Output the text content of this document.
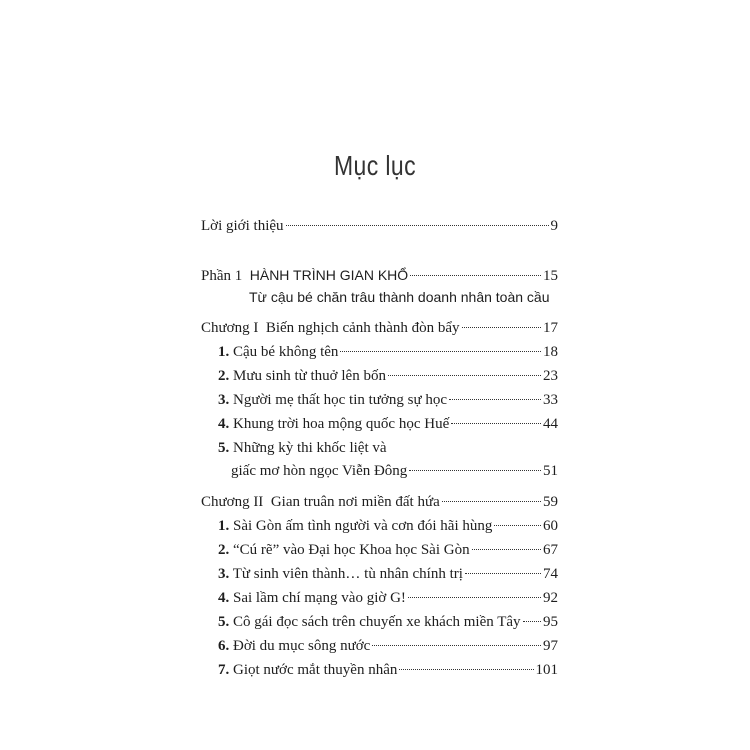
Mục lục
Lời giới thiệu	9
Phần 1 HÀNH TRÌNH GIAN KHỔ	15
Từ cậu bé chăn trâu thành doanh nhân toàn cầu
Chương I Biến nghịch cảnh thành đòn bẩy	17
1. Cậu bé không tên	18
2. Mưu sinh từ thuở lên bốn	23
3. Người mẹ thất học tin tưởng sự học	33
4. Khung trời hoa mộng quốc học Huế	44
5. Những kỳ thi khốc liệt và
giấc mơ hòn ngọc Viễn Đông	51
Chương II Gian truân nơi miền đất hứa	59
1. Sài Gòn ấm tình người và cơn đói hãi hùng	60
2. “Cú rẽ” vào Đại học Khoa học Sài Gòn	67
3. Từ sinh viên thành… tù nhân chính trị	74
4. Sai lầm chí mạng vào giờ G!	92
5. Cô gái đọc sách trên chuyến xe khách miền Tây 95
6. Đời du mục sông nước	97
7. Giọt nước mắt thuyền nhân	101
